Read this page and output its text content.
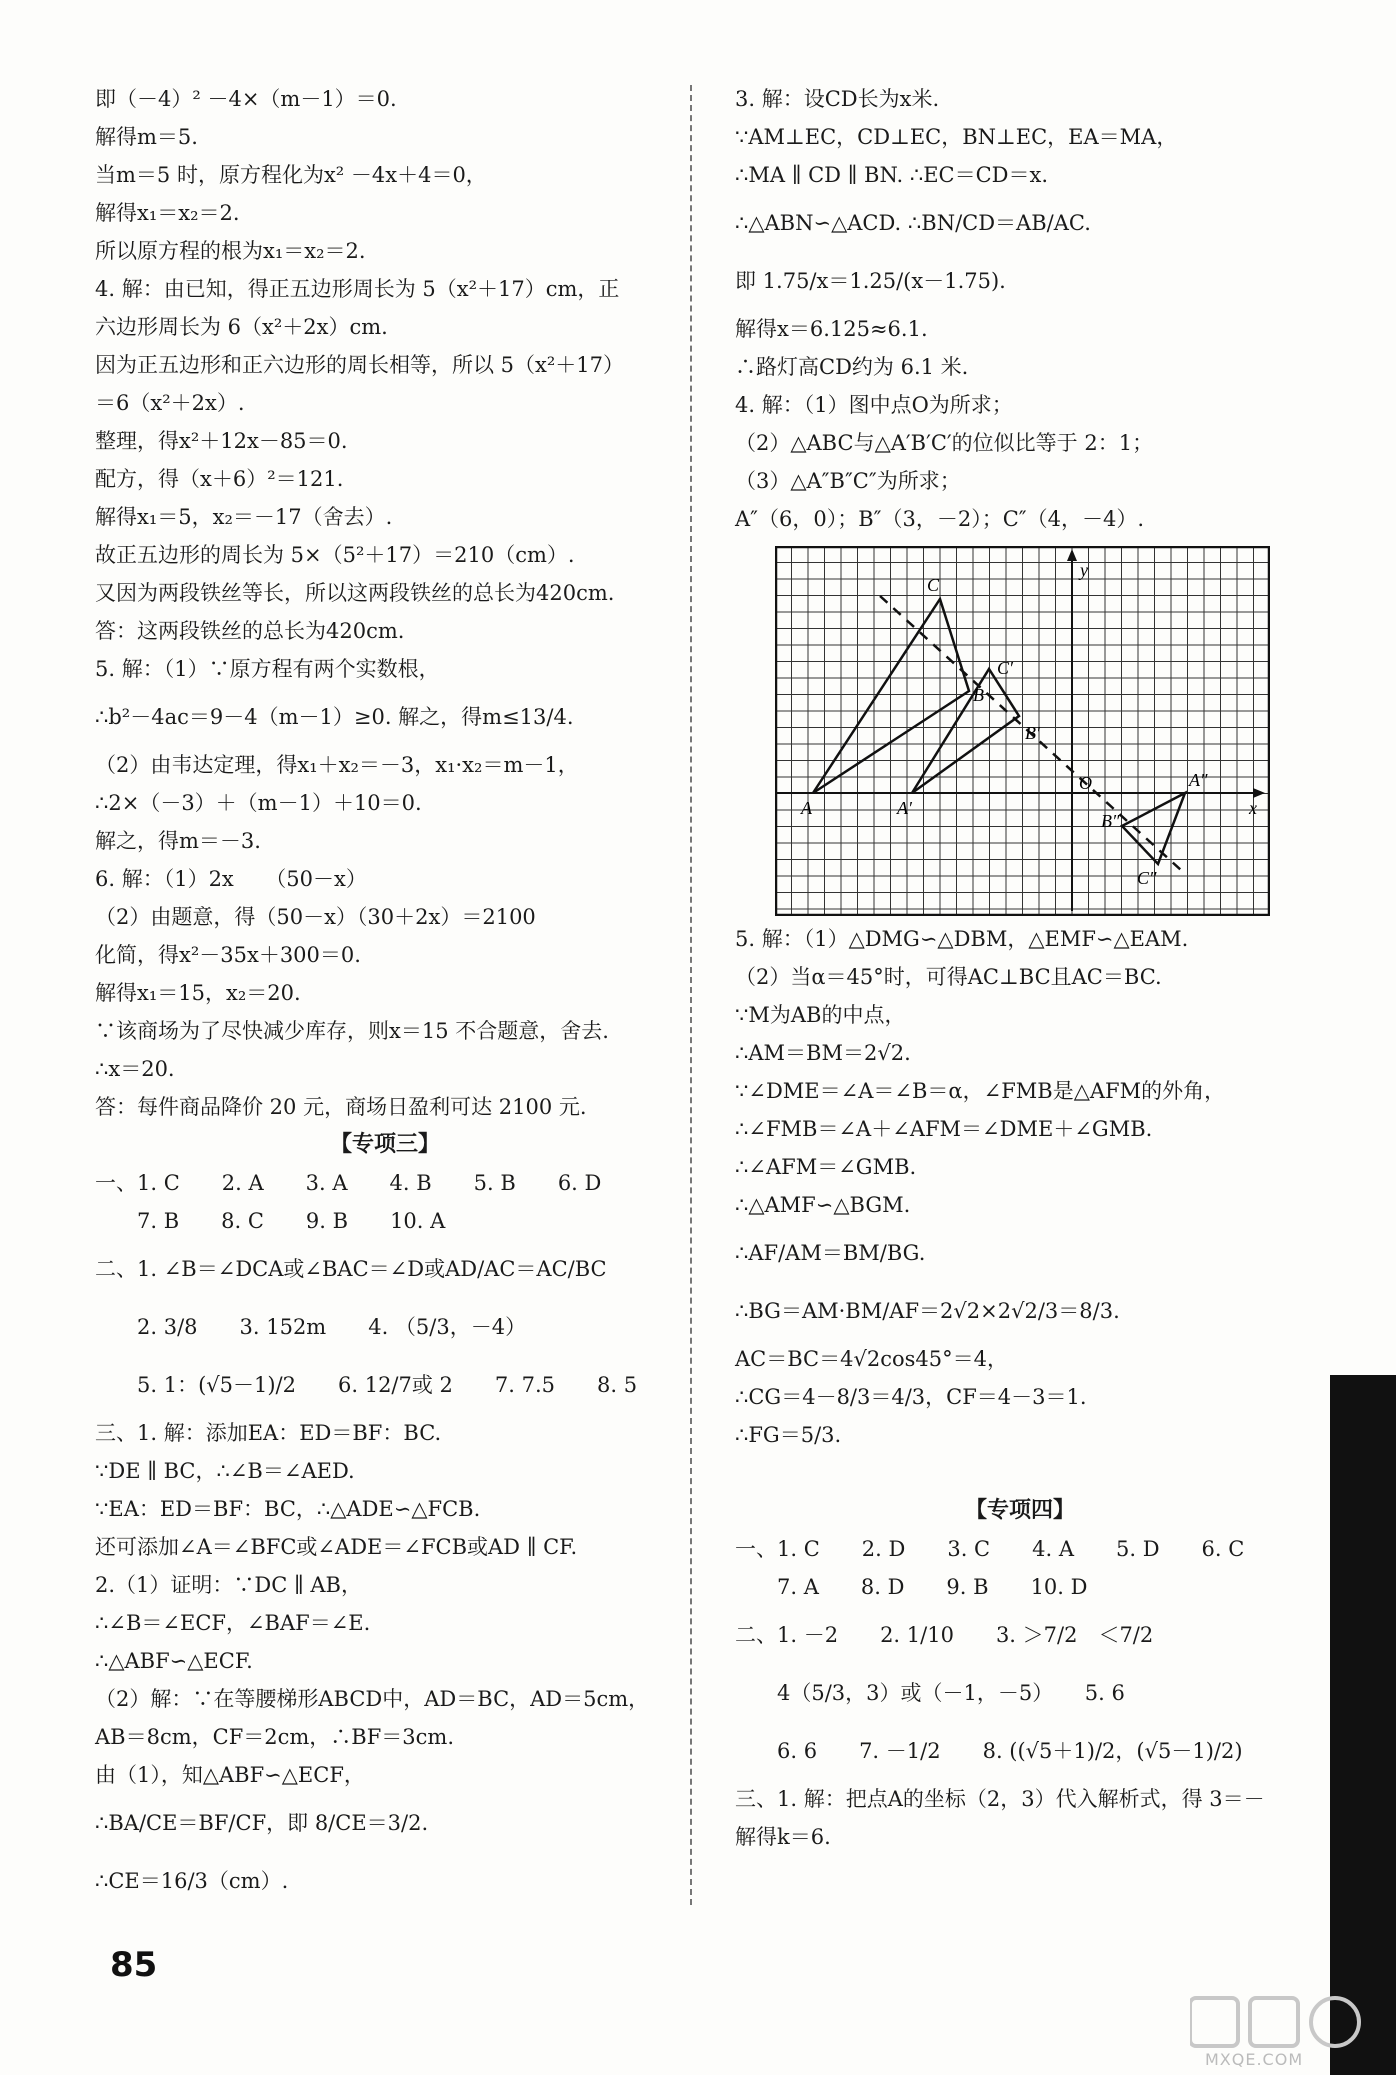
即（－4）² －4×（m－1）＝0.
解得m＝5.
当m＝5 时，原方程化为x² －4x＋4＝0，
解得x₁＝x₂＝2.
所以原方程的根为x₁＝x₂＝2.
4. 解：由已知，得正五边形周长为 5（x²＋17）cm，正
六边形周长为 6（x²＋2x）cm.
因为正五边形和正六边形的周长相等，所以 5（x²＋17）
＝6（x²＋2x）.
整理，得x²＋12x－85＝0.
配方，得（x＋6）²＝121.
解得x₁＝5，x₂＝－17（舍去）.
故正五边形的周长为 5×（5²＋17）＝210（cm）.
又因为两段铁丝等长，所以这两段铁丝的总长为420cm.
答：这两段铁丝的总长为420cm.
5. 解：（1）∵原方程有两个实数根，
∴b²－4ac＝9－4（m－1）≥0. 解之，得m≤13/4.
（2）由韦达定理，得x₁＋x₂＝－3，x₁·x₂＝m－1，
∴2×（－3）＋（m－1）＋10＝0.
解之，得m＝－3.
6. 解：（1）2x　　（50－x）
（2）由题意，得（50－x）（30＋2x）＝2100
化简，得x²－35x＋300＝0.
解得x₁＝15，x₂＝20.
∵该商场为了尽快减少库存，则x＝15 不合题意，舍去.
∴x＝20.
答：每件商品降价 20 元，商场日盈利可达 2100 元.
【专项三】
一、1. C　　2. A　　3. A　　4. B　　5. B　　6. D
　　7. B　　8. C　　9. B　　10. A
二、1. ∠B＝∠DCA或∠BAC＝∠D或AD/AC＝AC/BC
　　2. 3/8　　3. 152m　　4. （5/3，－4）
　　5. 1：(√5－1)/2　　6. 12/7或 2　　7. 7.5　　8. 5
三、1. 解：添加EA：ED＝BF：BC.
∵DE ∥ BC，∴∠B＝∠AED.
∵EA：ED＝BF：BC，∴△ADE∽△FCB.
还可添加∠A＝∠BFC或∠ADE＝∠FCB或AD ∥ CF.
2.（1）证明：∵DC ∥ AB，
∴∠B＝∠ECF，∠BAF＝∠E.
∴△ABF∽△ECF.
（2）解：∵在等腰梯形ABCD中，AD＝BC，AD＝5cm，
AB＝8cm，CF＝2cm，∴BF＝3cm.
由（1），知△ABF∽△ECF，
∴BA/CE＝BF/CF，即 8/CE＝3/2.
∴CE＝16/3（cm）.
3. 解：设CD长为x米.
∵AM⊥EC，CD⊥EC，BN⊥EC，EA＝MA，
∴MA ∥ CD ∥ BN. ∴EC＝CD＝x.
∴△ABN∽△ACD. ∴BN/CD＝AB/AC.
即 1.75/x＝1.25/(x－1.75).
解得x＝6.125≈6.1.
∴路灯高CD约为 6.1 米.
4. 解：（1）图中点O为所求；
（2）△ABC与△A′B′C′的位似比等于 2：1；
（3）△A″B″C″为所求；
A″（6，0）；B″（3，－2）；C″（4，－4）.
C
B
A
C′
B′
A′
O	A″
B″
C″
x
y
5. 解：（1）△DMG∽△DBM，△EMF∽△EAM.
（2）当α＝45°时，可得AC⊥BC且AC＝BC.
∵M为AB的中点，
∴AM＝BM＝2√2.
∵∠DME＝∠A＝∠B＝α，∠FMB是△AFM的外角，
∴∠FMB＝∠A＋∠AFM＝∠DME＋∠GMB.
∴∠AFM＝∠GMB.
∴△AMF∽△BGM.
∴AF/AM＝BM/BG.
∴BG＝AM·BM/AF＝2√2×2√2/3＝8/3.
AC＝BC＝4√2cos45°＝4，
∴CG＝4－8/3＝4/3，CF＝4－3＝1.
∴FG＝5/3.
【专项四】
一、1. C　　2. D　　3. C　　4. A　　5. D　　6. C
　　7. A　　8. D　　9. B　　10. D
二、1. －2　　2. 1/10　　3. ＞7/2　＜7/2
　　4（5/3，3）或（－1，－5）　　5. 6
　　6. 6　　7. －1/2　　8. ((√5＋1)/2，(√5－1)/2)
三、1. 解：把点A的坐标（2，3）代入解析式，得 3＝－
解得k＝6.
85
MXQE.COM
